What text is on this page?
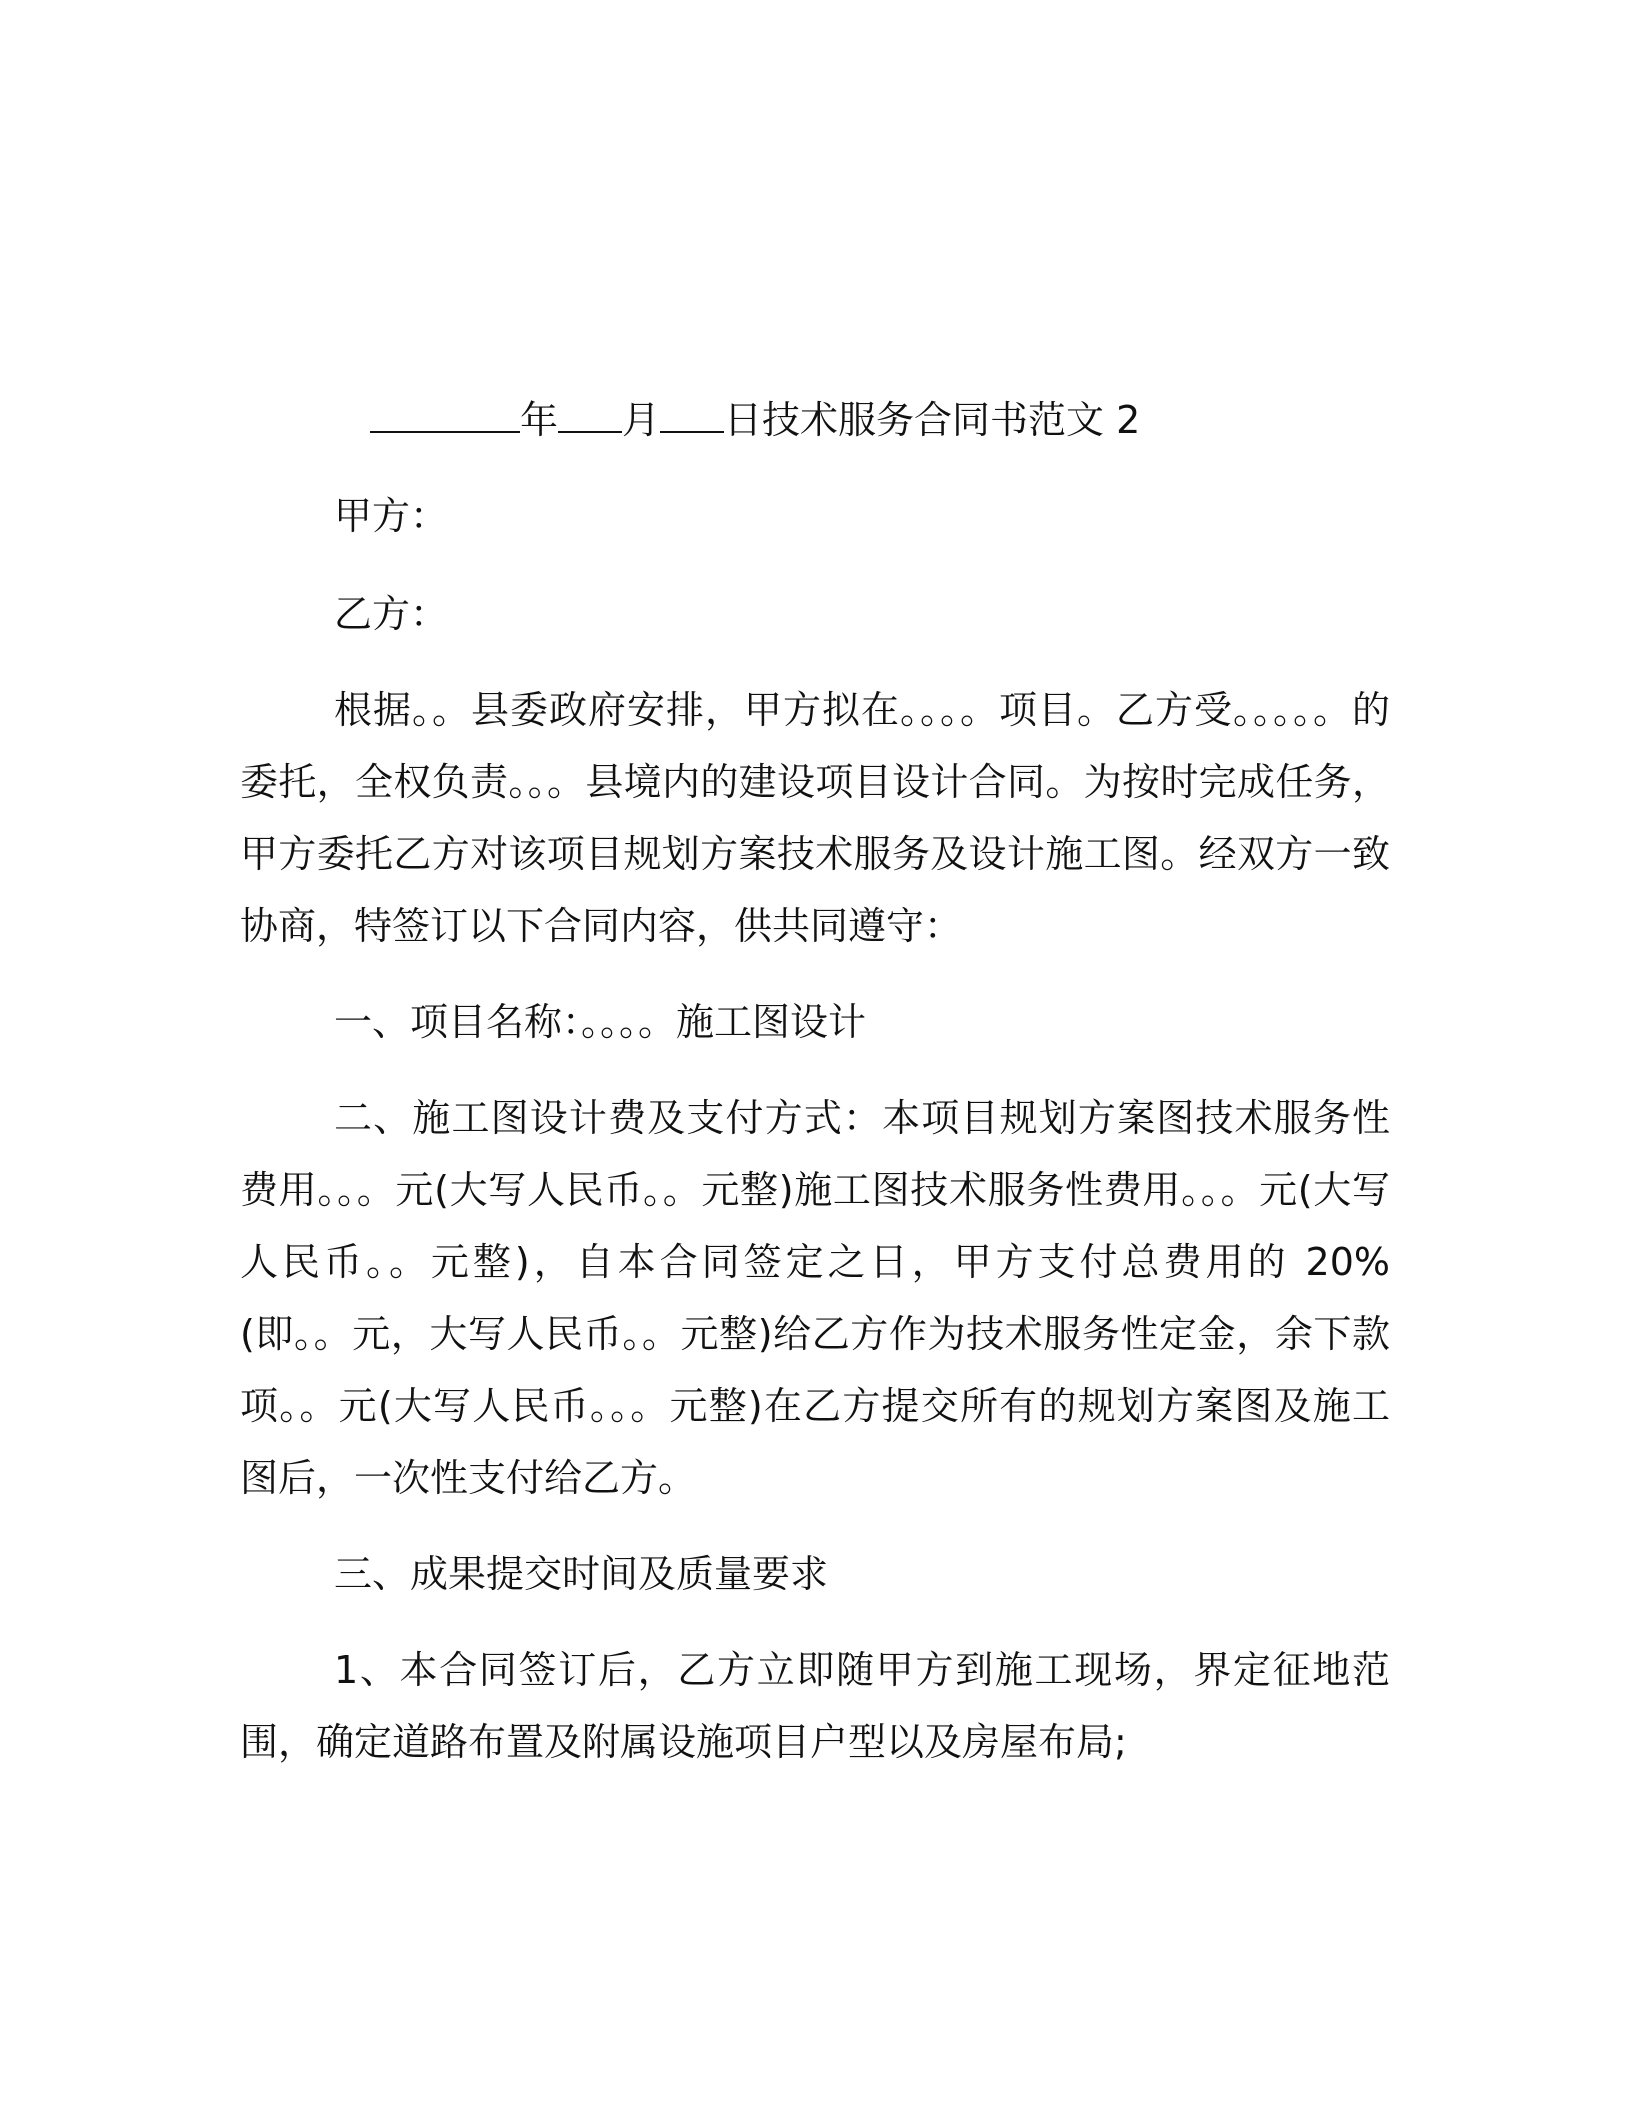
年 月 日技术服务合同书范文 2
甲方：
乙方：
根据。。县委政府安排，甲方拟在。。。。项目。乙方受。。。。。的委托，全权负责。。。县境内的建设项目设计合同。为按时完成任务，甲方委托乙方对该项目规划方案技术服务及设计施工图。经双方一致协商，特签订以下合同内容，供共同遵守：
一、项目名称：。。。。施工图设计
二、施工图设计费及支付方式：本项目规划方案图技术服务性费用。。。元(大写人民币。。元整)施工图技术服务性费用。。。元(大写人民币。。元整)，自本合同签定之日，甲方支付总费用的 20%(即。。元，大写人民币。。元整)给乙方作为技术服务性定金，余下款项。。元(大写人民币。。。元整)在乙方提交所有的规划方案图及施工图后，一次性支付给乙方。
三、成果提交时间及质量要求
1、本合同签订后，乙方立即随甲方到施工现场，界定征地范围，确定道路布置及附属设施项目户型以及房屋布局;
